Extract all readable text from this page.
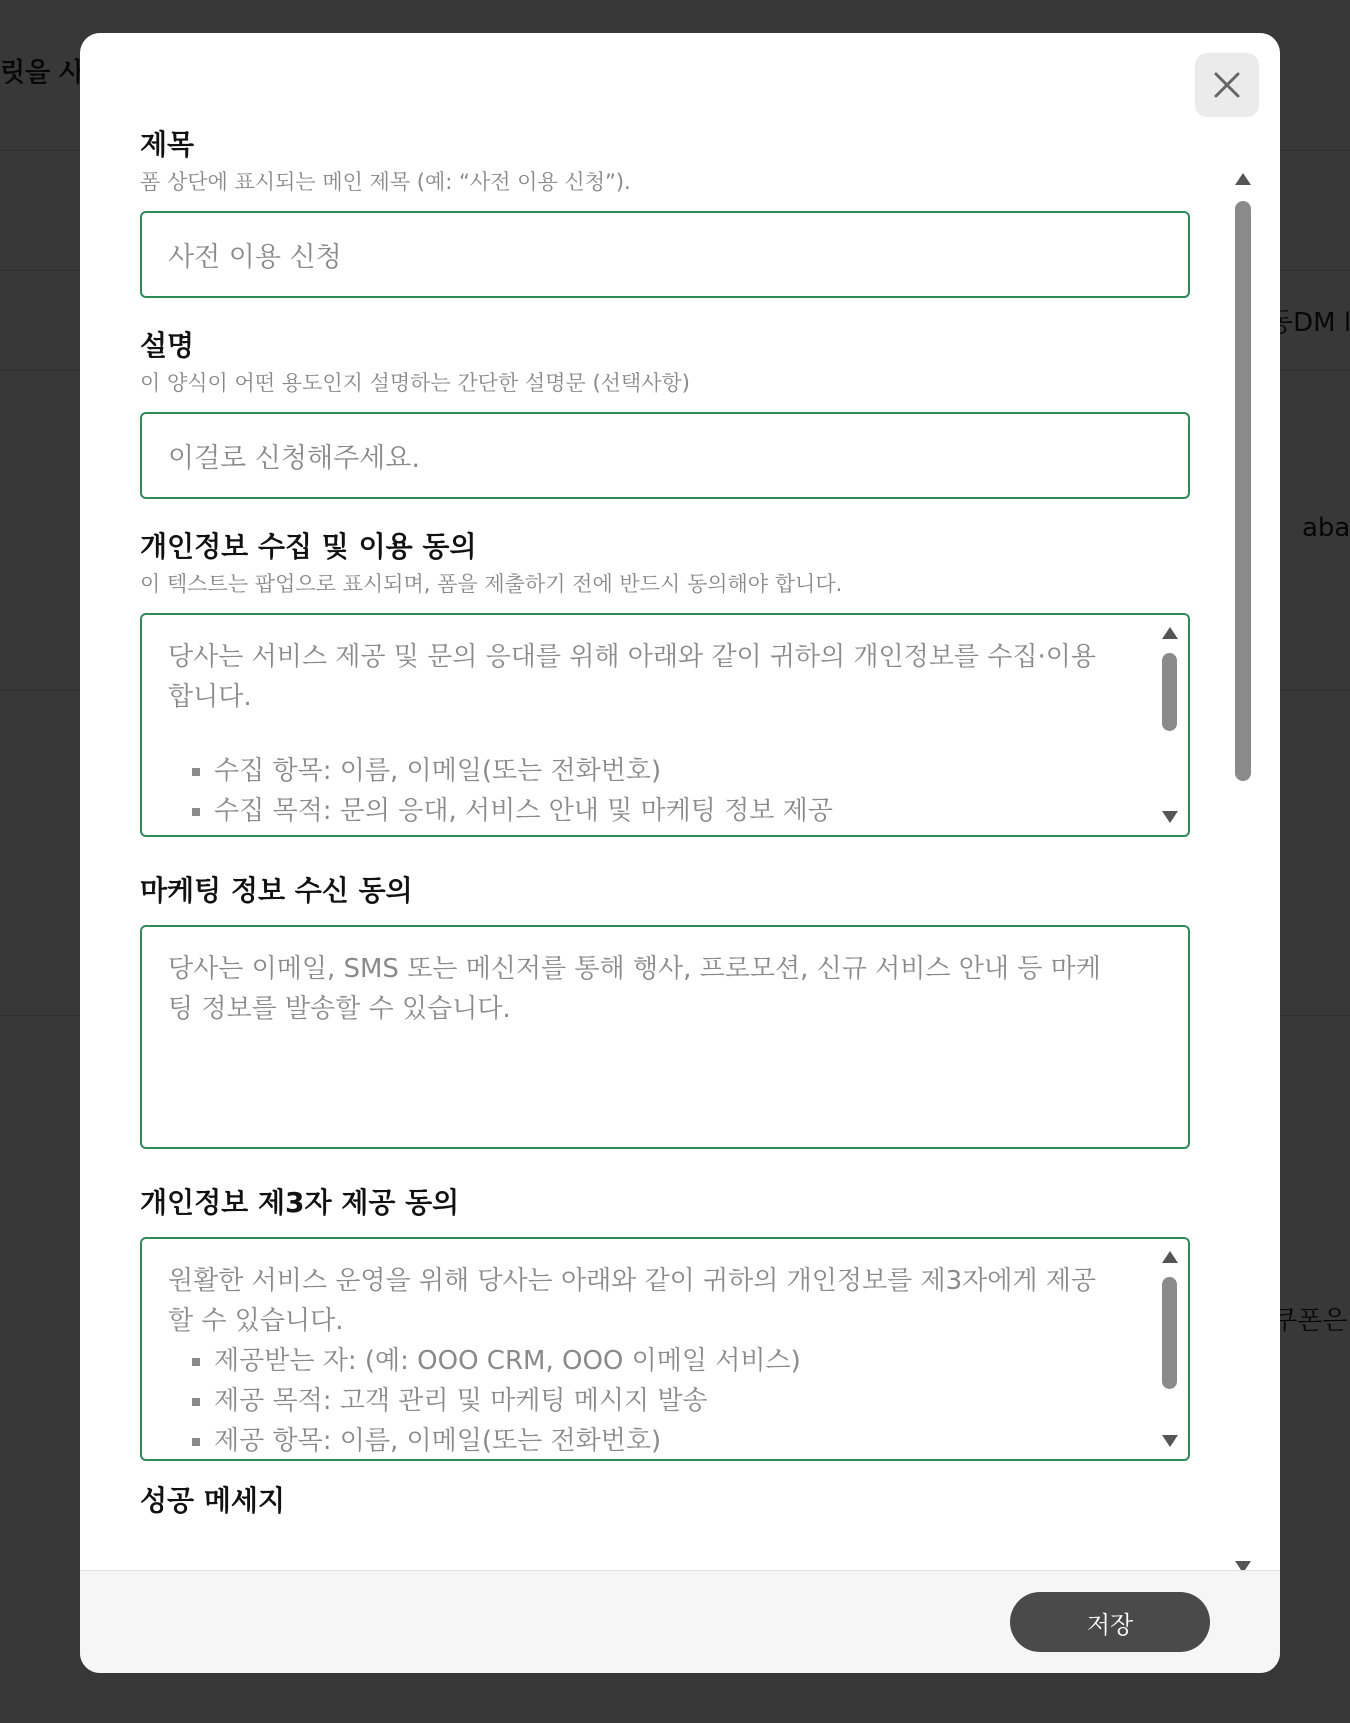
제목

폼 상단에 표시되는 메인 제목 (예: “사전 이용 신청”).

사전 이용 신청
설명

이 양식이 어떤 용도인지 설명하는 간단한 설명문 (선택사항)

이걸로 신청해주세요.
개인정보 수집 및 이용 동의

이 텍스트는 팝업으로 표시되며, 폼을 제출하기 전에 반드시 동의해야 합니다.

당사는 서비스 제공 및 문의 응대를 위해 아래와 같이 귀하의 개인정보를 수집·이용합니다.

▪ 수집 항목: 이름, 이메일(또는 전화번호)
▪ 수집 목적: 문의 응대, 서비스 안내 및 마케팅 정보 제공
마케팅 정보 수신 동의

당사는 이메일, SMS 또는 메신저를 통해 행사, 프로모션, 신규 서비스 안내 등 마케팅 정보를 발송할 수 있습니다.

개인정보 제3자 제공 동의

원활한 서비스 운영을 위해 당사는 아래와 같이 귀하의 개인정보를 제3자에게 제공할 수 있습니다.

▪ 제공받는 자: (예: OOO CRM, OOO 이메일 서비스)
▪ 제공 목적: 고객 관리 및 마케팅 메시지 발송
▪ 제공 항목: 이름, 이메일(또는 전화번호)
성공 메세지
저장
